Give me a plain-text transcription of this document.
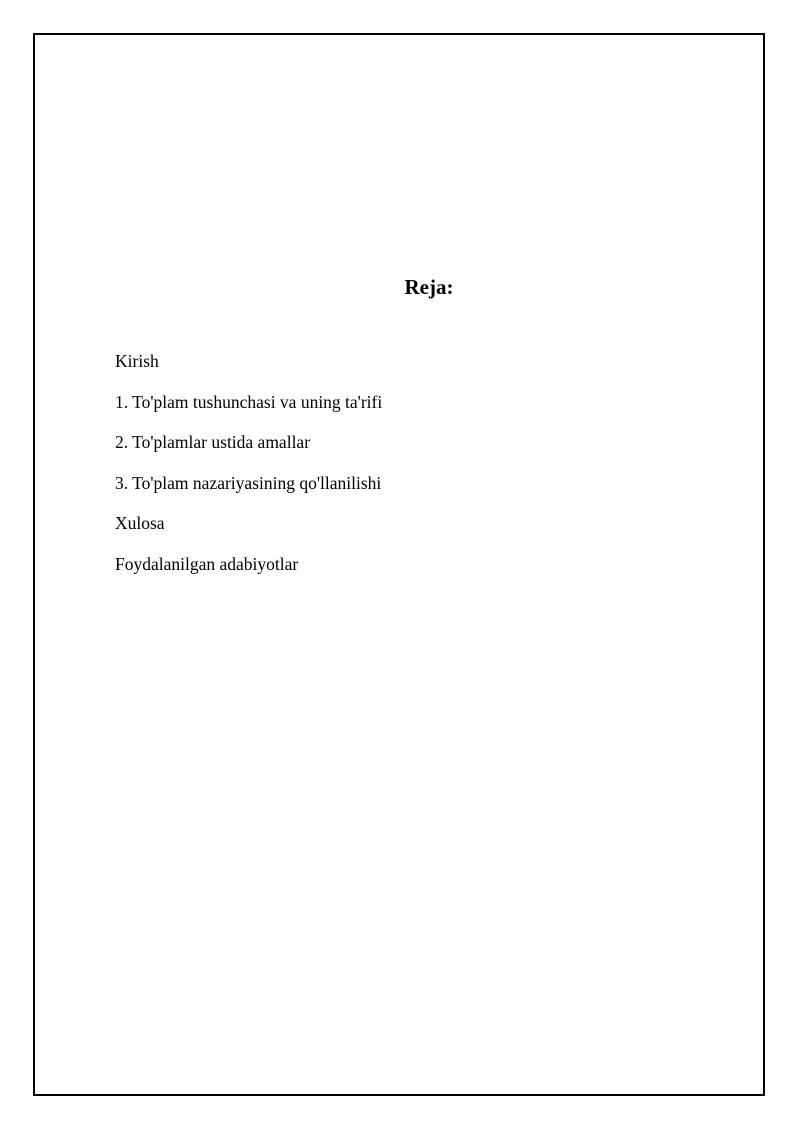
Reja:
Kirish
1. To'plam tushunchasi va uning ta'rifi
2. To'plamlar ustida amallar
3. To'plam nazariyasining qo'llanilishi
Xulosa
Foydalanilgan adabiyotlar
